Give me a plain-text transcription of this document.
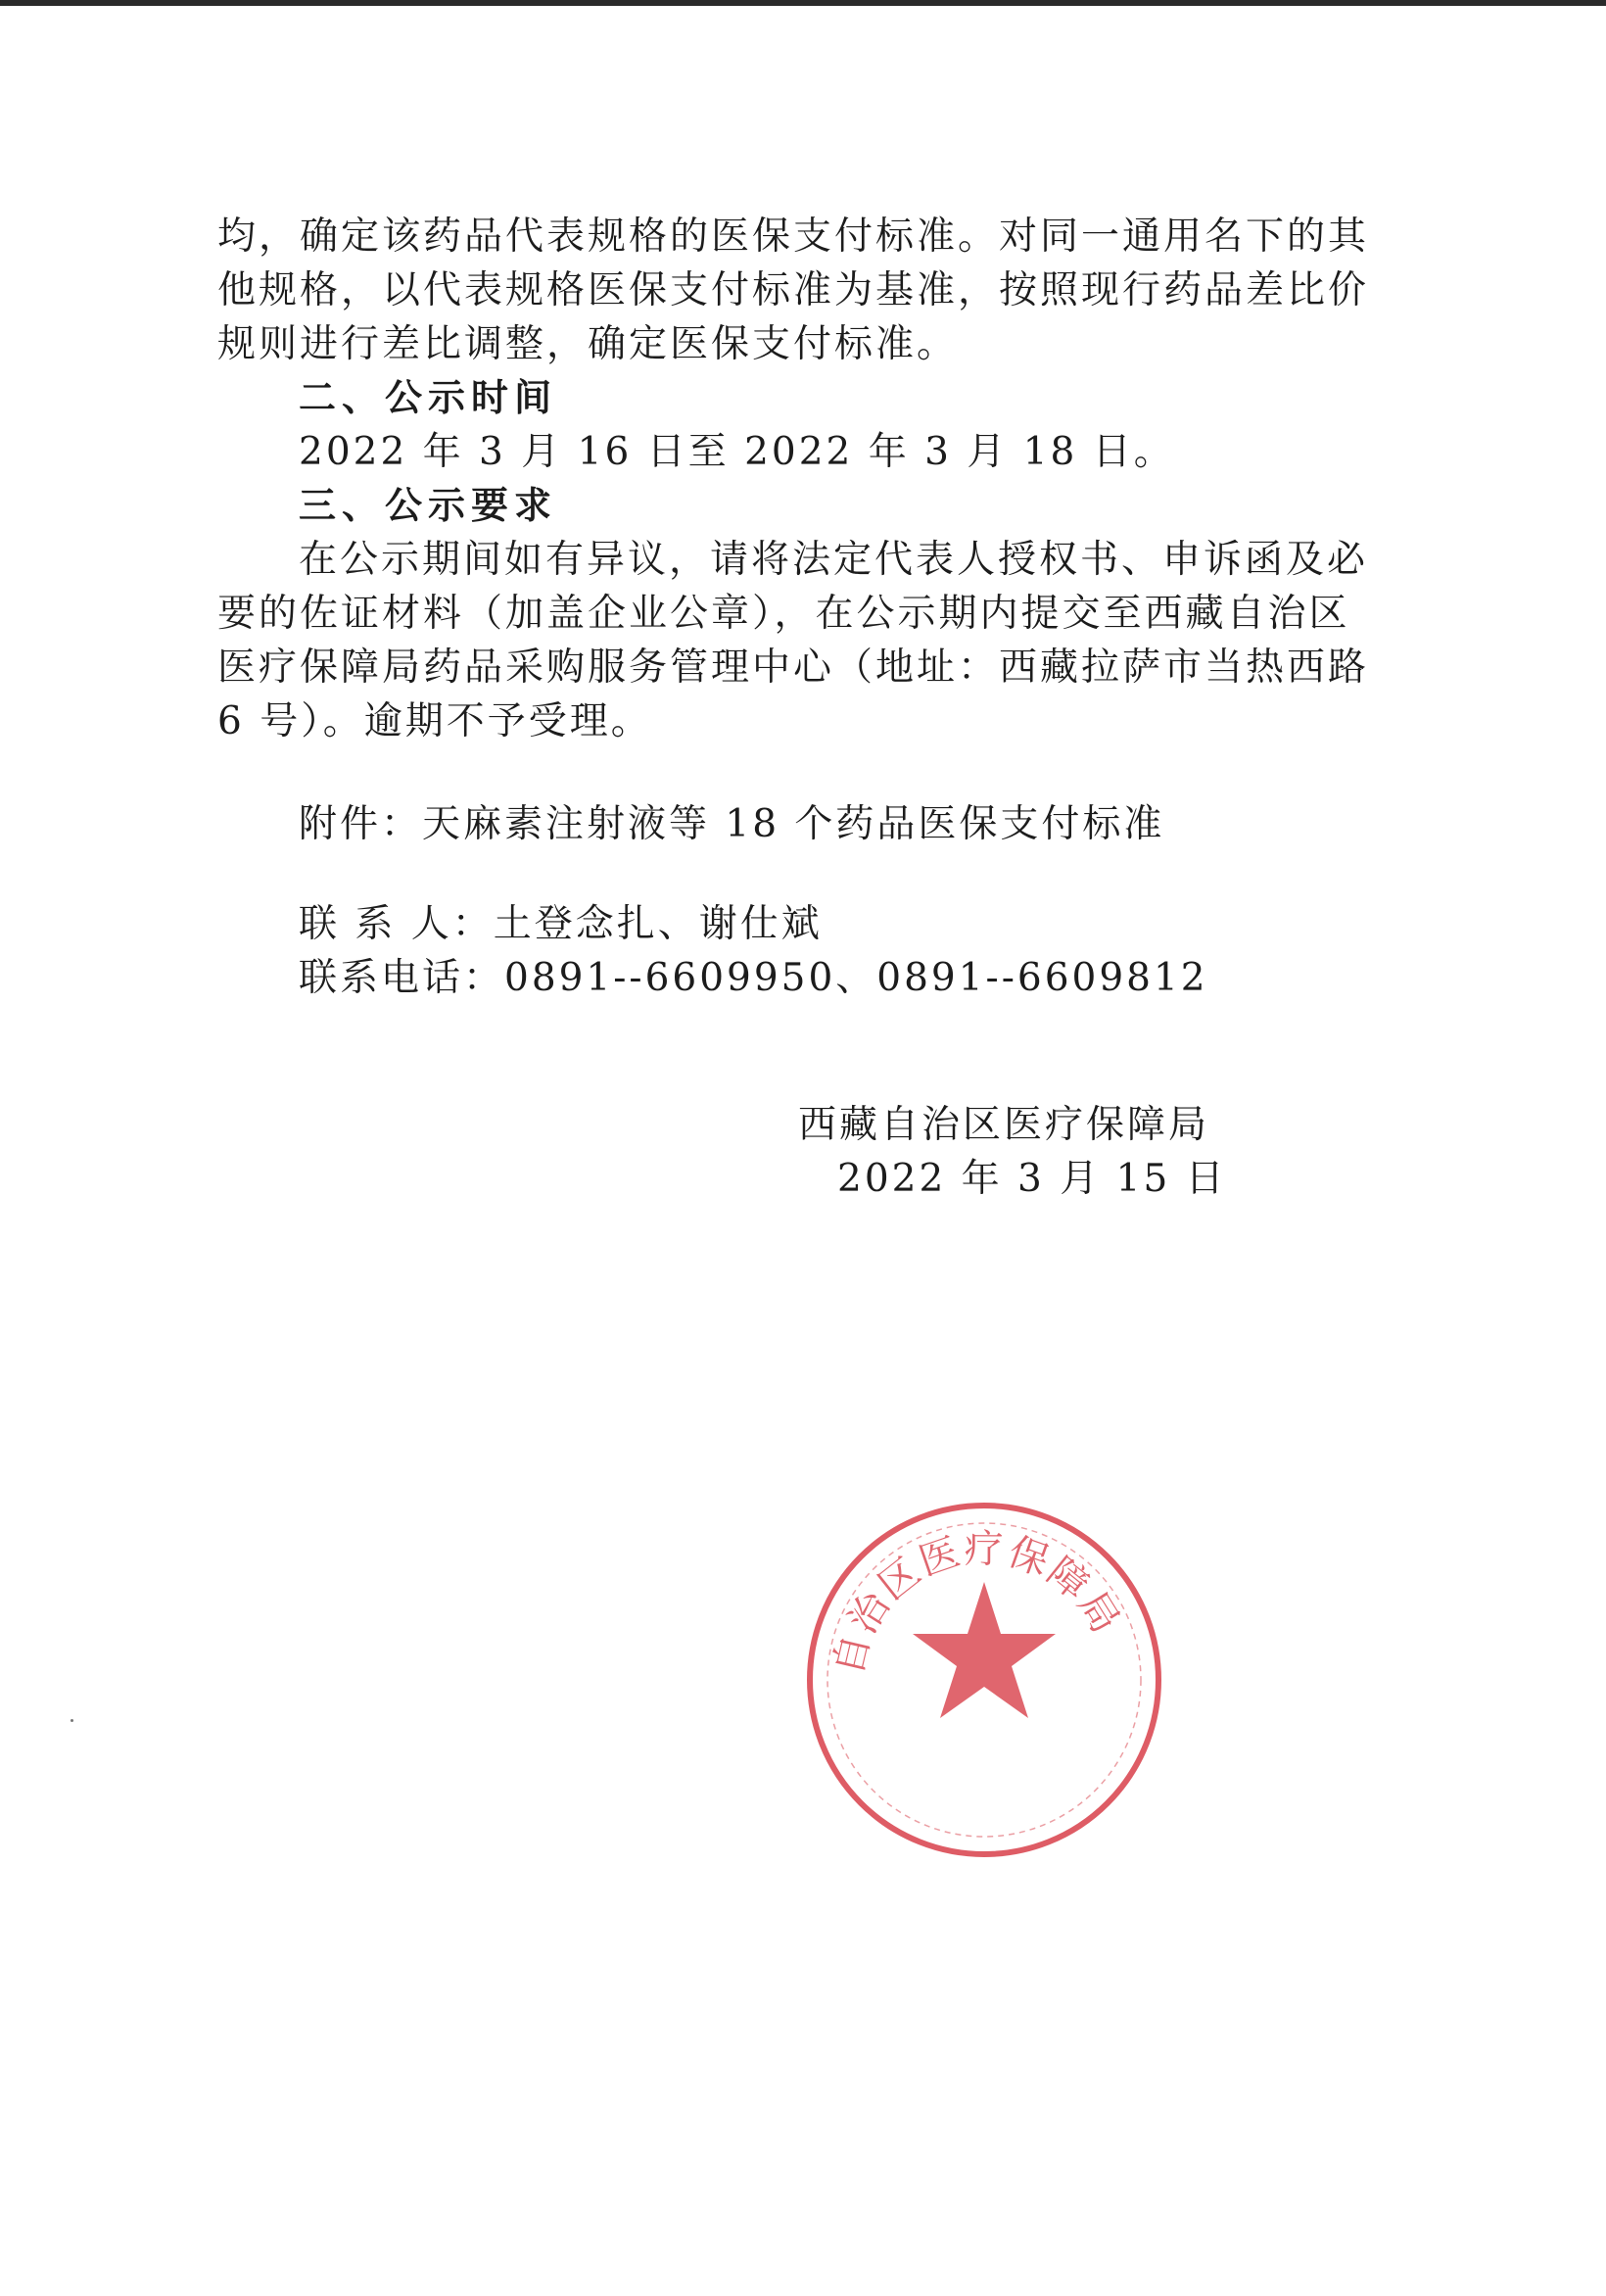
均，确定该药品代表规格的医保支付标准。对同一通用名下的其
他规格，以代表规格医保支付标准为基准，按照现行药品差比价
规则进行差比调整，确定医保支付标准。
二、公示时间
2022 年 3 月 16 日至 2022 年 3 月 18 日。
三、公示要求
在公示期间如有异议，请将法定代表人授权书、申诉函及必
要的佐证材料（加盖企业公章），在公示期内提交至西藏自治区
医疗保障局药品采购服务管理中心（地址：西藏拉萨市当热西路
6 号）。逾期不予受理。
附件：天麻素注射液等 18 个药品医保支付标准
联 系 人：土登念扎、谢仕斌
联系电话：0891--6609950、0891--6609812
自治区医疗保障局
西藏自治区医疗保障局
2022 年 3 月 15 日
